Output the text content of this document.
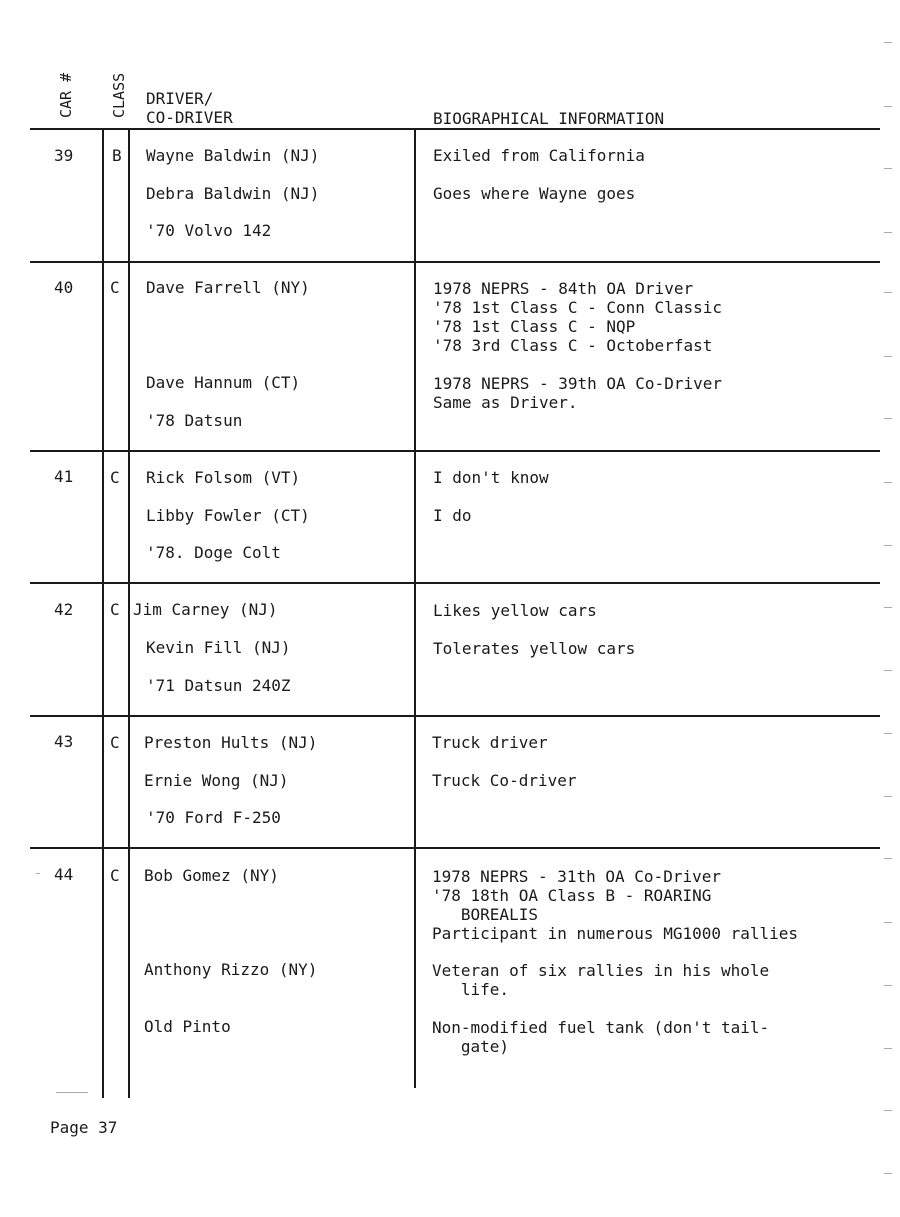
CAR # CLASS DRIVER/
CO-DRIVER	BIOGRAPHICAL INFORMATION
39 B Wayne Baldwin (NJ)	Exiled from California
Debra Baldwin (NJ)	Goes where Wayne goes
'70 Volvo 142
40 C Dave Farrell (NY)	1978 NEPRS - 84th OA Driver
'78 1st Class C - Conn Classic
'78 1st Class C - NQP
'78 3rd Class C - Octoberfast
Dave Hannum (CT)	1978 NEPRS - 39th OA Co-Driver
Same as Driver.
'78 Datsun
41 C Rick Folsom (VT)	I don't know
Libby Fowler (CT)	I do
'78. Doge Colt
42 C Jim Carney (NJ)	Likes yellow cars
Kevin Fill (NJ)	Tolerates yellow cars
'71 Datsun 240Z
43 C Preston Hults (NJ)	Truck driver
Ernie Wong (NJ)	Truck Co-driver
'70 Ford F-250
44 C Bob Gomez (NY)	1978 NEPRS - 31th OA Co-Driver
'78 18th OA Class B - ROARING
BOREALIS
Participant in numerous MG1000 rallies
Anthony Rizzo (NY)	Veteran of six rallies in his whole
life.
Old Pinto	Non-modified fuel tank (don't tail-
gate)
Page 37
